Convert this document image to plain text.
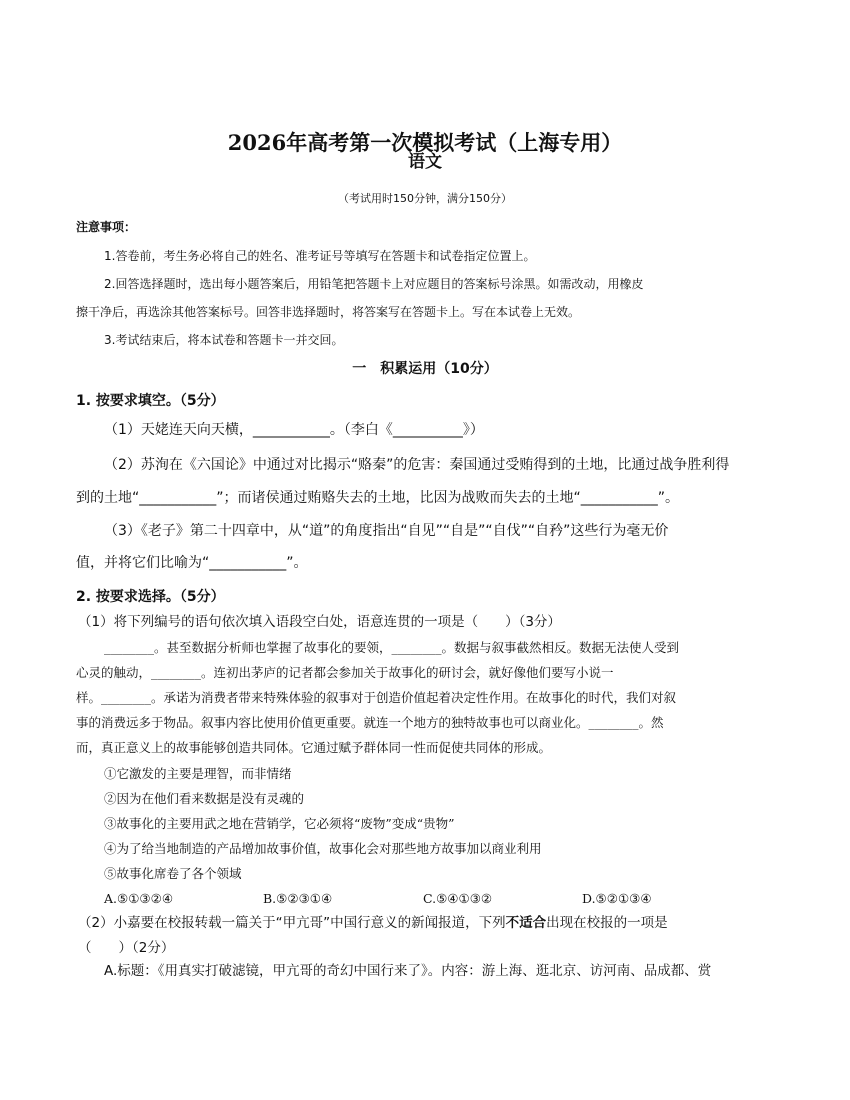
2026年高考第一次模拟考试（上海专用）
语文
（考试用时150分钟，满分150分）
注意事项：
1.答卷前，考生务必将自己的姓名、准考证号等填写在答题卡和试卷指定位置上。
2.回答选择题时，选出每小题答案后，用铅笔把答题卡上对应题目的答案标号涂黑。如需改动，用橡皮
擦干净后，再选涂其他答案标号。回答非选择题时，将答案写在答题卡上。写在本试卷上无效。
3.考试结束后，将本试卷和答题卡一并交回。
一　积累运用（10分）
1. 按要求填空。（5分）
（1）天姥连天向天横，___________。（李白《__________》）
（2）苏洵在《六国论》中通过对比揭示“赂秦”的危害：秦国通过受贿得到的土地，比通过战争胜利得
到的土地“___________”；而诸侯通过贿赂失去的土地，比因为战败而失去的土地“___________”。
（3）《老子》第二十四章中，从“道”的角度指出“自见”“自是”“自伐”“自矜”这些行为毫无价
值，并将它们比喻为“___________”。
2. 按要求选择。（5分）
（1）将下列编号的语句依次填入语段空白处，语意连贯的一项是（　　）（3分）
________。甚至数据分析师也掌握了故事化的要领，________。数据与叙事截然相反。数据无法使人受到
心灵的触动，________。连初出茅庐的记者都会参加关于故事化的研讨会，就好像他们要写小说一
样。________。承诺为消费者带来特殊体验的叙事对于创造价值起着决定性作用。在故事化的时代，我们对叙
事的消费远多于物品。叙事内容比使用价值更重要。就连一个地方的独特故事也可以商业化。________。然
而，真正意义上的故事能够创造共同体。它通过赋予群体同一性而促使共同体的形成。
①它激发的主要是理智，而非情绪
②因为在他们看来数据是没有灵魂的
③故事化的主要用武之地在营销学，它必须将“废物”变成“贵物”
④为了给当地制造的产品增加故事价值，故事化会对那些地方故事加以商业利用
⑤故事化席卷了各个领域
A.⑤①③②④	B.⑤②③①④	C.⑤④①③②	D.⑤②①③④
（2）小嘉要在校报转载一篇关于“甲亢哥”中国行意义的新闻报道，下列不适合出现在校报的一项是
（　　）（2分）
A.标题：《用真实打破滤镜，甲亢哥的奇幻中国行来了》。内容：游上海、逛北京、访河南、品成都、赏
